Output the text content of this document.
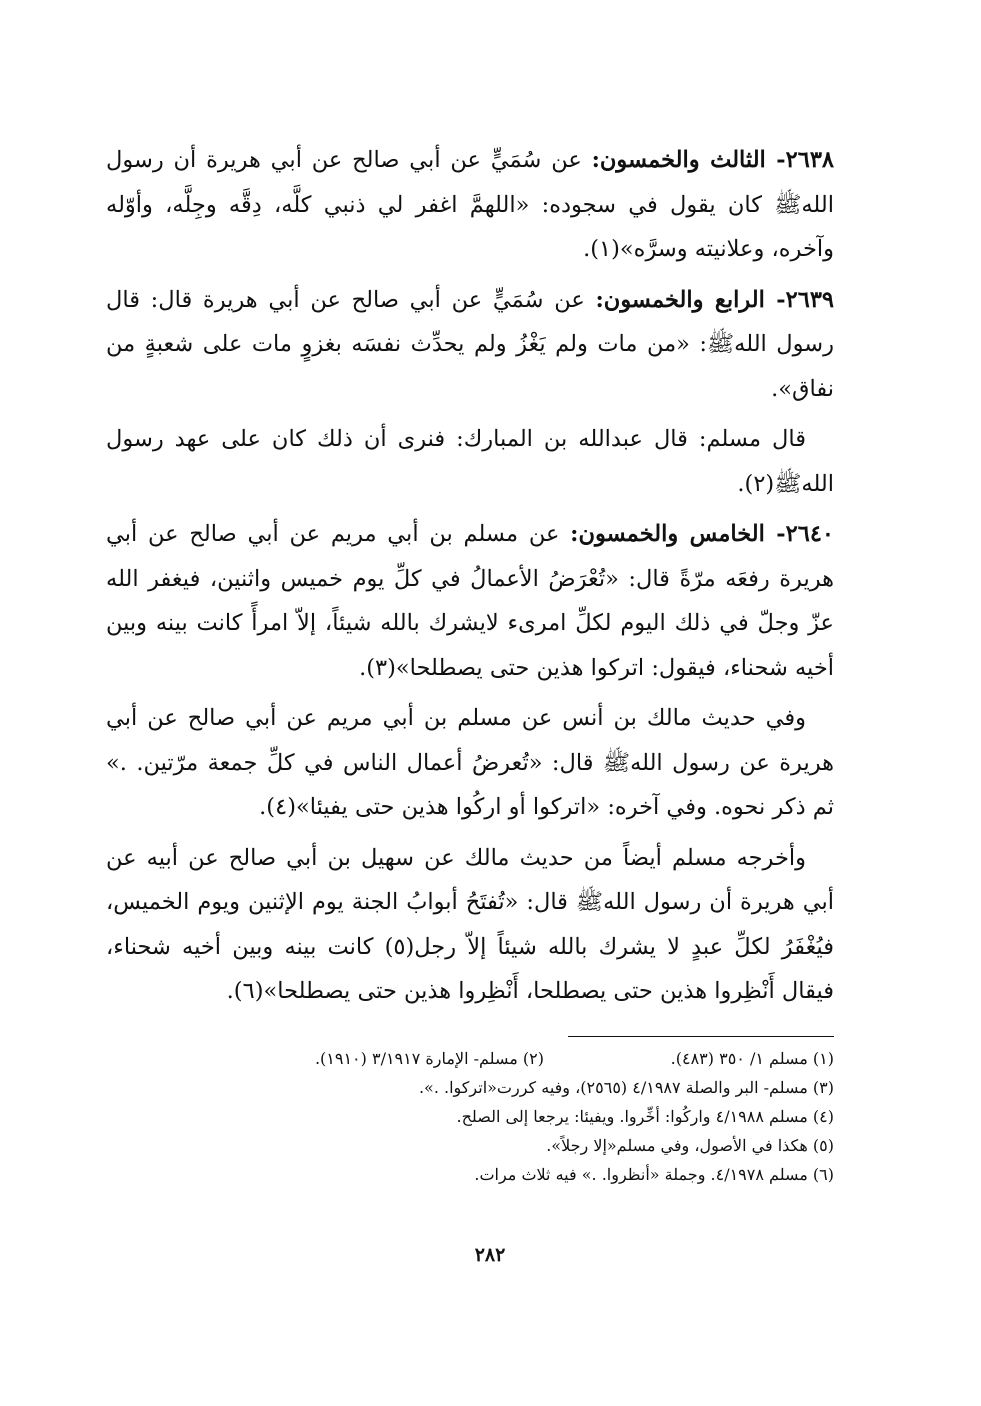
٢٦٣٨- الثالث والخمسون: عن سُمَيٍّ عن أبي صالح عن أبي هريرة أن رسول اللهﷺ كان يقول في سجوده: «اللهمَّ اغفر لي ذنبي كلَّه، دِقَّه وجِلَّه، وأوّله وآخره، وعلانيته وسرَّه»(١).

٢٦٣٩- الرابع والخمسون: عن سُمَيٍّ عن أبي صالح عن أبي هريرة قال: قال رسول اللهﷺ: «من مات ولم يَغْزُ ولم يحدِّث نفسَه بغزوٍ مات على شعبةٍ من نفاق».

قال مسلم: قال عبدالله بن المبارك: فنرى أن ذلك كان على عهد رسول اللهﷺ(٢).

٢٦٤٠- الخامس والخمسون: عن مسلم بن أبي مريم عن أبي صالح عن أبي هريرة رفعَه مرّةً قال: «تُعْرَضُ الأعمالُ في كلِّ يوم خميس واثنين، فيغفر الله عزّ وجلّ في ذلك اليوم لكلِّ امرىء لايشرك بالله شيئاً، إلاّ امرأً كانت بينه وبين أخيه شحناء، فيقول: اتركوا هذين حتى يصطلحا»(٣).

وفي حديث مالك بن أنس عن مسلم بن أبي مريم عن أبي صالح عن أبي هريرة عن رسول اللهﷺ قال: «تُعرضُ أعمال الناس في كلِّ جمعة مرّتين. .» ثم ذكر نحوه. وفي آخره: «اتركوا أو اركُوا هذين حتى يفيئا»(٤).

وأخرجه مسلم أيضاً من حديث مالك عن سهيل بن أبي صالح عن أبيه عن أبي هريرة أن رسول اللهﷺ قال: «تُفتَحُ أبوابُ الجنة يوم الإثنين ويوم الخميس، فيُغْفَرُ لكلِّ عبدٍ لا يشرك بالله شيئاً إلاّ رجل(٥) كانت بينه وبين أخيه شحناء، فيقال أَنْظِروا هذين حتى يصطلحا، أَنْظِروا هذين حتى يصطلحا»(٦).

(١) مسلم ١/ ٣٥٠ (٤٨٣).(٢) مسلم- الإمارة ٣/١٩١٧ (١٩١٠).
(٣) مسلم- البر والصلة ٤/١٩٨٧ (٢٥٦٥)، وفيه كررت«اتركوا. .».
(٤) مسلم ٤/١٩٨٨ واركُوا: أخِّروا. ويفيئا: يرجعا إلى الصلح.
(٥) هكذا في الأصول، وفي مسلم«إلا رجلاً».
(٦) مسلم ٤/١٩٧٨. وجملة «أنظروا. .» فيه ثلاث مرات.
٢٨٢
